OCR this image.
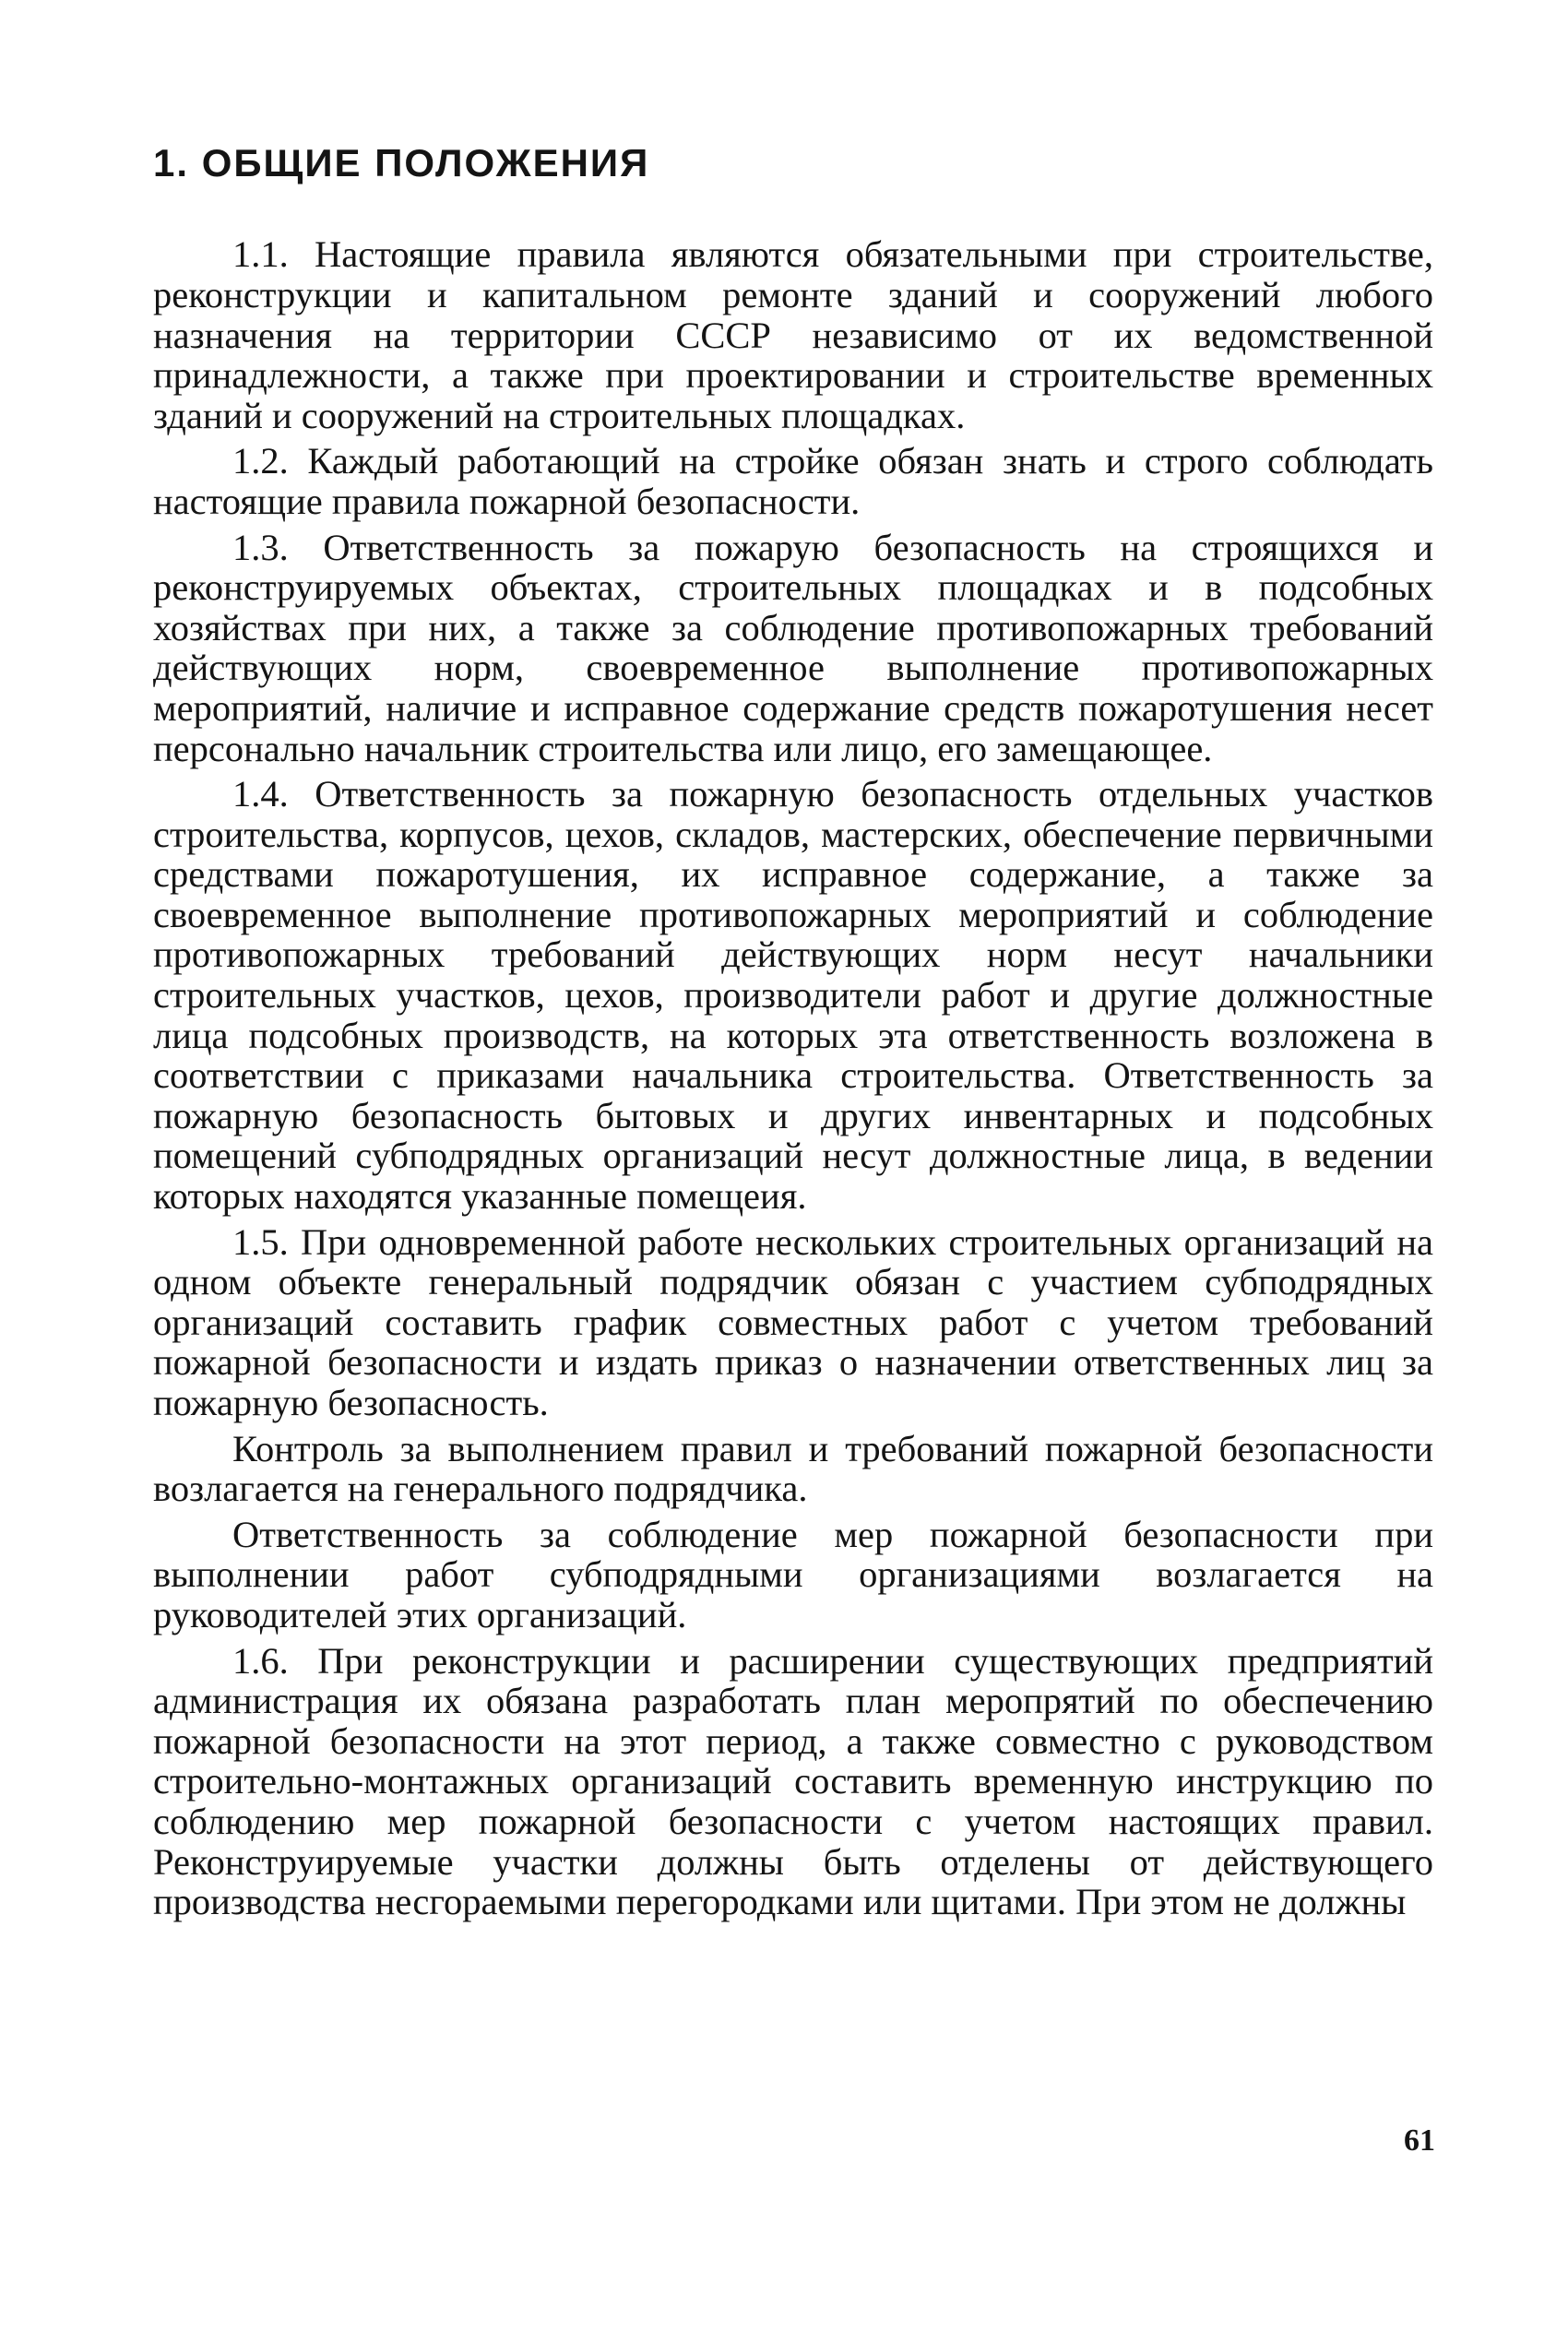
1. ОБЩИЕ ПОЛОЖЕНИЯ

1.1. Настоящие правила являются обязательными при строительстве, реконструкции и капитальном ремонте зданий и сооружений любого назначения на территории СССР независимо от их ведомственной принадлежности, а также при проектировании и строительстве временных зданий и сооружений на строительных площадках.

1.2. Каждый работающий на стройке обязан знать и строго соблюдать настоящие правила пожарной безопасности.

1.3. Ответственность за пожарую безопасность на строящихся и реконструируемых объектах, строительных площадках и в подсобных хозяйствах при них, а также за соблюдение противопожарных требований действующих норм, своевременное выполнение противопожарных мероприятий, наличие и исправное содержание средств пожаротушения несет персонально начальник строительства или лицо, его замещающее.

1.4. Ответственность за пожарную безопасность отдельных участков строительства, корпусов, цехов, складов, мастерских, обеспечение первичными средствами пожаротушения, их исправное содержание, а также за своевременное выполнение противопожарных мероприятий и соблюдение противопожарных требований действующих норм несут начальники строительных участков, цехов, производители работ и другие должностные лица подсобных производств, на которых эта ответственность возложена в соответствии с приказами начальника строительства. Ответственность за пожарную безопасность бытовых и других инвентарных и подсобных помещений субподрядных организаций несут должностные лица, в ведении которых находятся указанные помещеия.

1.5. При одновременной работе нескольких строительных организаций на одном объекте генеральный подрядчик обязан с участием субподрядных организаций составить график совместных работ с учетом требований пожарной безопасности и издать приказ о назначении ответственных лиц за пожарную безопасность.

Контроль за выполнением правил и требований пожарной безопасности возлагается на генерального подрядчика.

Ответственность за соблюдение мер пожарной безопасности при выполнении работ субподрядными организациями возлагается на руководителей этих организаций.

1.6. При реконструкции и расширении существующих предприятий администрация их обязана разработать план меропрятий по обеспечению пожарной безопасности на этот период, а также совместно с руководством строительно-монтажных организаций составить временную инструкцию по соблюдению мер пожарной безопасности с учетом настоящих правил. Реконструируемые участки должны быть отделены от действующего производства несгораемыми перегородками или щитами. При этом не должны

61
